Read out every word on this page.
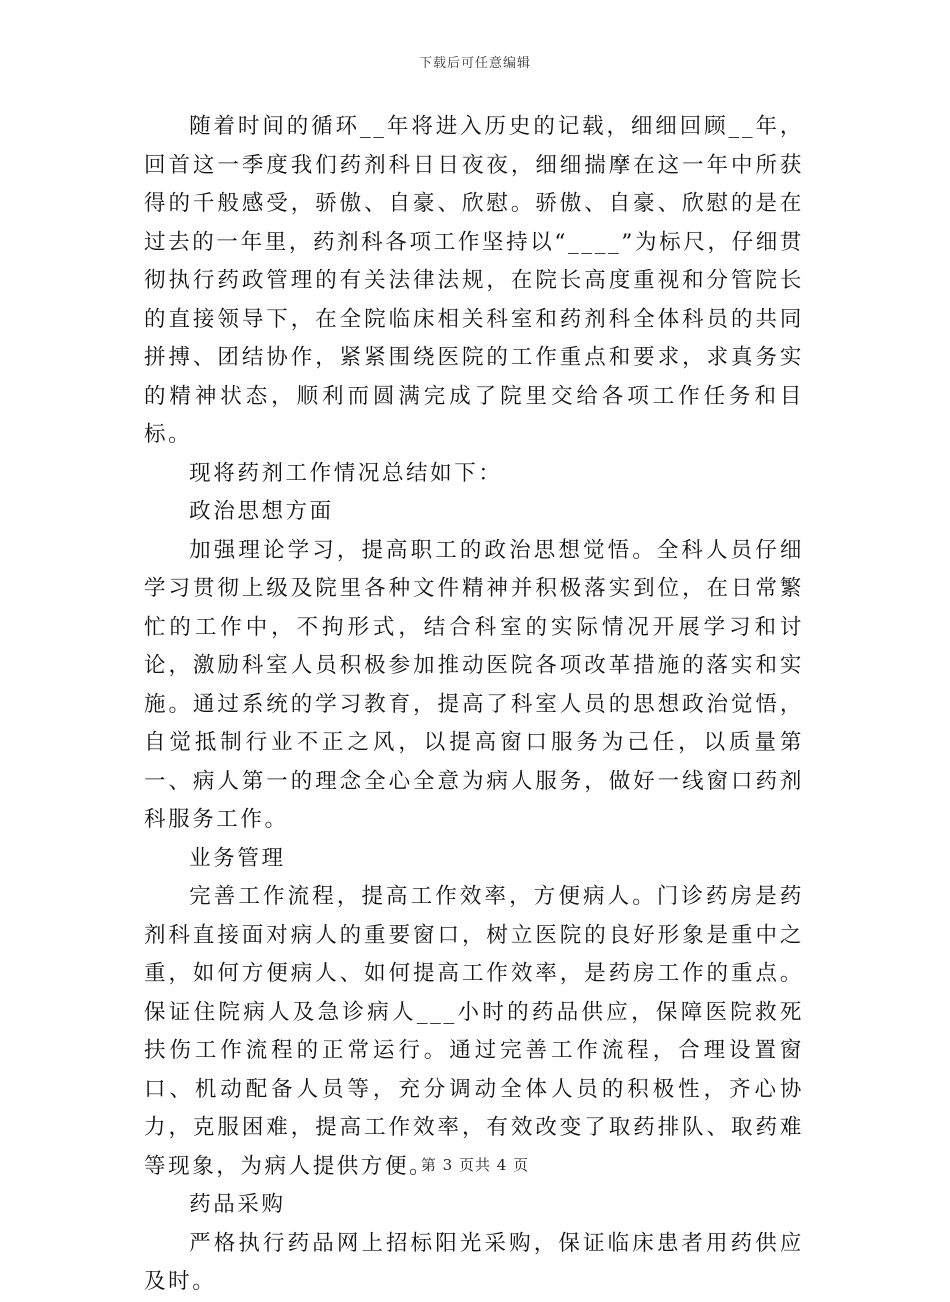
下载后可任意编辑

随着时间的循环__年将进入历史的记载，细细回顾__年，回首这一季度我们药剂科日日夜夜，细细揣摩在这一年中所获得的千般感受，骄傲、自豪、欣慰。骄傲、自豪、欣慰的是在过去的一年里，药剂科各项工作坚持以“____”为标尺，仔细贯彻执行药政管理的有关法律法规，在院长高度重视和分管院长的直接领导下，在全院临床相关科室和药剂科全体科员的共同拼搏、团结协作，紧紧围绕医院的工作重点和要求，求真务实的精神状态，顺利而圆满完成了院里交给各项工作任务和目标。

现将药剂工作情况总结如下：

政治思想方面

加强理论学习，提高职工的政治思想觉悟。全科人员仔细学习贯彻上级及院里各种文件精神并积极落实到位，在日常繁忙的工作中，不拘形式，结合科室的实际情况开展学习和讨论，激励科室人员积极参加推动医院各项改革措施的落实和实施。通过系统的学习教育，提高了科室人员的思想政治觉悟，自觉抵制行业不正之风，以提高窗口服务为己任，以质量第一、病人第一的理念全心全意为病人服务，做好一线窗口药剂科服务工作。

业务管理

完善工作流程，提高工作效率，方便病人。门诊药房是药剂科直接面对病人的重要窗口，树立医院的良好形象是重中之重，如何方便病人、如何提高工作效率，是药房工作的重点。保证住院病人及急诊病人___小时的药品供应，保障医院救死扶伤工作流程的正常运行。通过完善工作流程，合理设置窗口、机动配备人员等，充分调动全体人员的积极性，齐心协力，克服困难，提高工作效率，有效改变了取药排队、取药难等现象，为病人提供方便。

药品采购

严格执行药品网上招标阳光采购，保证临床患者用药供应及时。

第 3 页共 4 页
